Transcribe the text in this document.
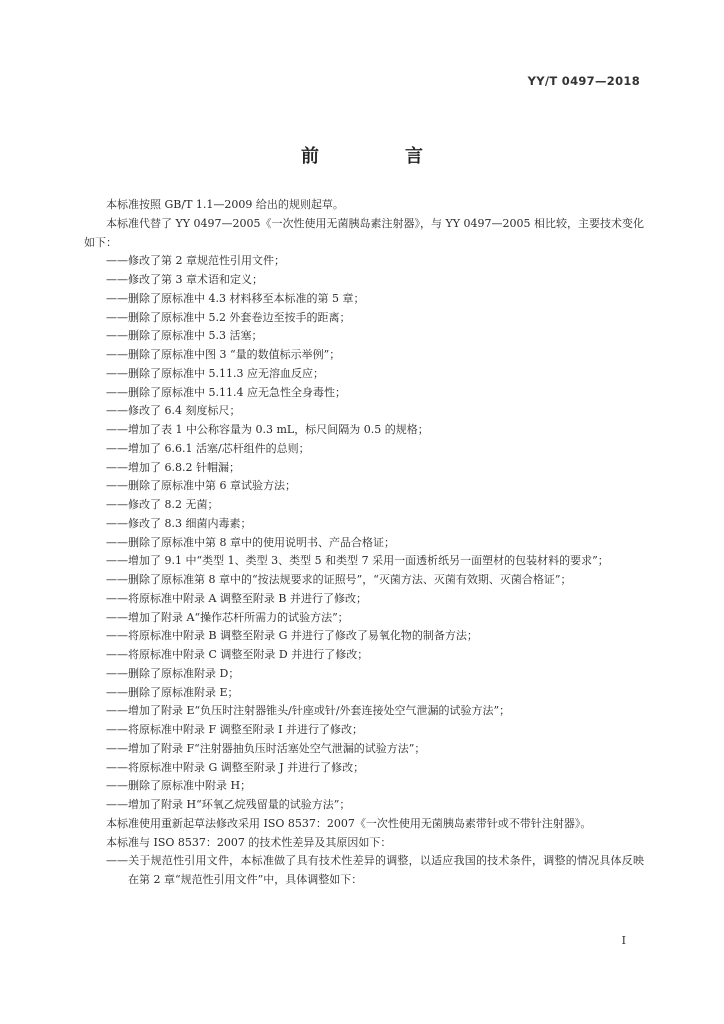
YY/T 0497—2018
前　言

本标准按照 GB/T 1.1—2009 给出的规则起草。

本标准代替了 YY 0497—2005《一次性使用无菌胰岛素注射器》，与 YY 0497—2005 相比较，主要技术变化如下：

——修改了第 2 章规范性引用文件；

——修改了第 3 章术语和定义；

——删除了原标准中 4.3 材料移至本标准的第 5 章；

——删除了原标准中 5.2 外套卷边至按手的距离；

——删除了原标准中 5.3 活塞；

——删除了原标准中图 3 “量的数值标示举例”；

——删除了原标准中 5.11.3 应无溶血反应；

——删除了原标准中 5.11.4 应无急性全身毒性；

——修改了 6.4 刻度标尺；

——增加了表 1 中公称容量为 0.3 mL，标尺间隔为 0.5 的规格；

——增加了 6.6.1 活塞/芯杆组件的总则；

——增加了 6.8.2 针帽漏；

——删除了原标准中第 6 章试验方法；

——修改了 8.2 无菌；

——修改了 8.3 细菌内毒素；

——删除了原标准中第 8 章中的使用说明书、产品合格证；

——增加了 9.1 中“类型 1、类型 3、类型 5 和类型 7 采用一面透析纸另一面塑材的包装材料的要求”；

——删除了原标准第 8 章中的“按法规要求的证照号”，“灭菌方法、灭菌有效期、灭菌合格证”；

——将原标准中附录 A 调整至附录 B 并进行了修改；

——增加了附录 A“操作芯杆所需力的试验方法”；

——将原标准中附录 B 调整至附录 G 并进行了修改了易氧化物的制备方法；

——将原标准中附录 C 调整至附录 D 并进行了修改；

——删除了原标准附录 D；

——删除了原标准附录 E；

——增加了附录 E“负压时注射器锥头/针座或针/外套连接处空气泄漏的试验方法”；

——将原标准中附录 F 调整至附录 I 并进行了修改；

——增加了附录 F“注射器抽负压时活塞处空气泄漏的试验方法”；

——将原标准中附录 G 调整至附录 J 并进行了修改；

——删除了原标准中附录 H；

——增加了附录 H“环氧乙烷残留量的试验方法”；

本标准使用重新起草法修改采用 ISO 8537：2007《一次性使用无菌胰岛素带针或不带针注射器》。

本标准与 ISO 8537：2007 的技术性差异及其原因如下：

——关于规范性引用文件，本标准做了具有技术性差异的调整，以适应我国的技术条件，调整的情况具体反映在第 2 章“规范性引用文件”中，具体调整如下：

I
